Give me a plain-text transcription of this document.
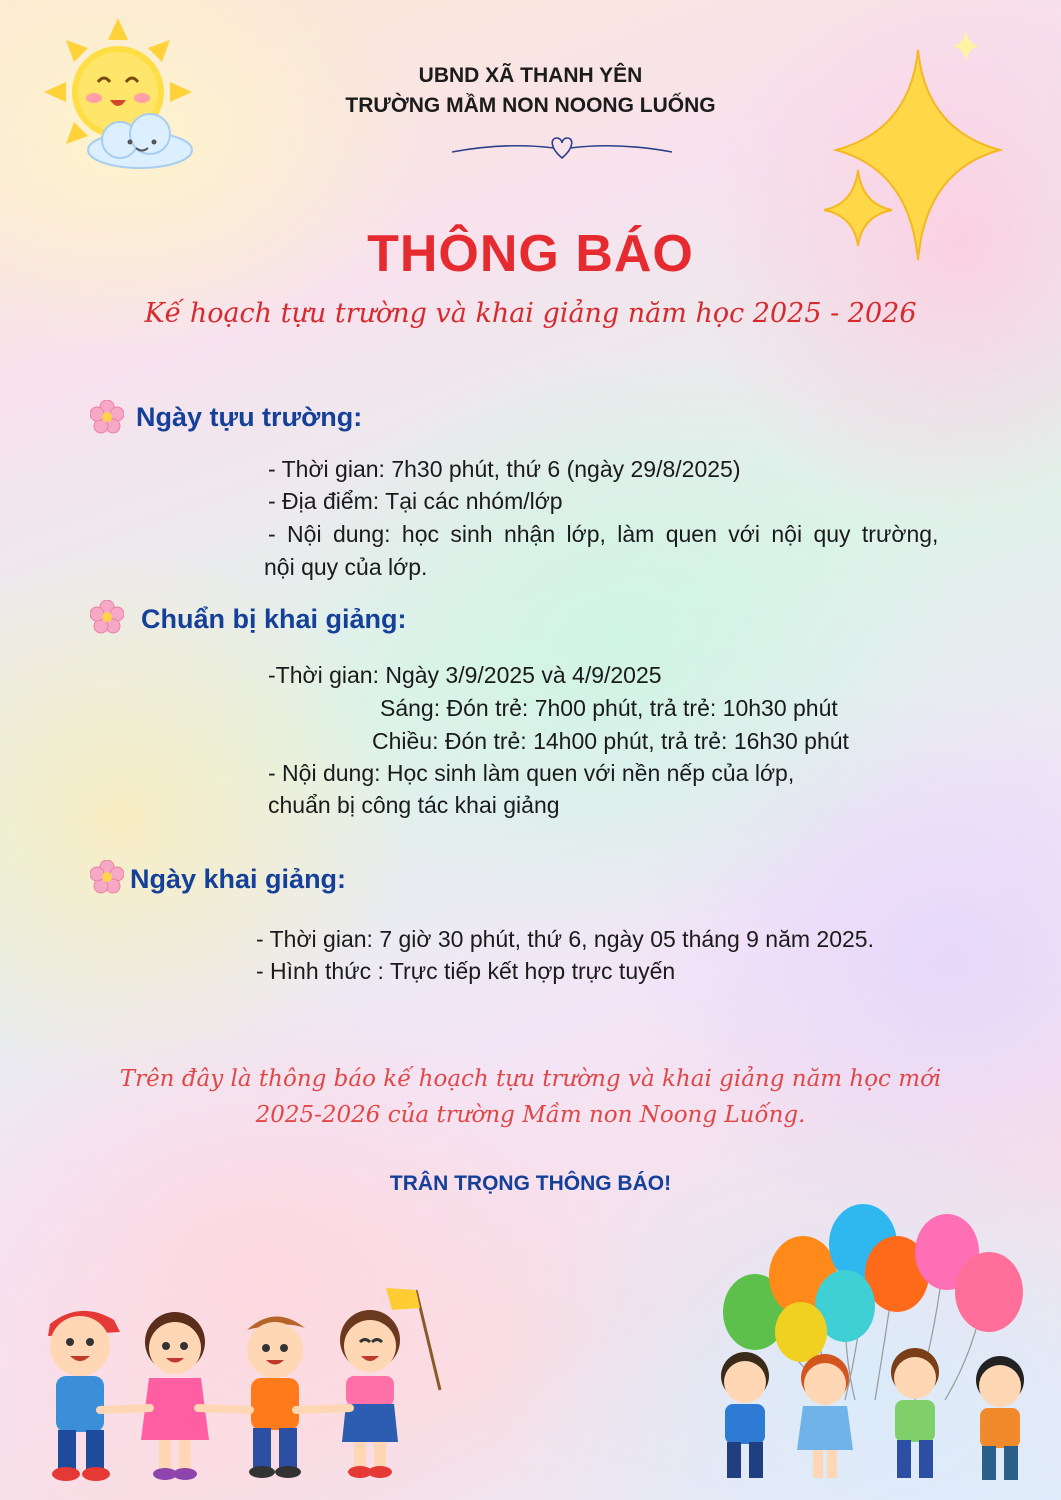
UBND XÃ THANH YÊN
TRƯỜNG MẦM NON NOONG LUỐNG
THÔNG BÁO
Kế hoạch tựu trường và khai giảng năm học 2025 - 2026
Ngày tựu trường:
- Thời gian: 7h30 phút, thứ 6 (ngày 29/8/2025)
- Địa điểm: Tại các nhóm/lớp
- Nội dung: học sinh nhận lớp, làm quen với nội quy trường,
nội quy của lớp.
Chuẩn bị khai giảng:
-Thời gian: Ngày 3/9/2025 và 4/9/2025
Sáng: Đón trẻ: 7h00 phút, trả trẻ: 10h30 phút
Chiều: Đón trẻ: 14h00 phút, trả trẻ: 16h30 phút
- Nội dung: Học sinh làm quen với nền nếp của lớp,
chuẩn bị công tác khai giảng
Ngày khai giảng:
- Thời gian: 7 giờ 30 phút, thứ 6, ngày 05 tháng 9 năm 2025.
- Hình thức : Trực tiếp kết hợp trực tuyến
Trên đây là thông báo kế hoạch tựu trường và khai giảng năm học mới
2025-2026 của trường Mầm non Noong Luống.
TRÂN TRỌNG THÔNG BÁO!
